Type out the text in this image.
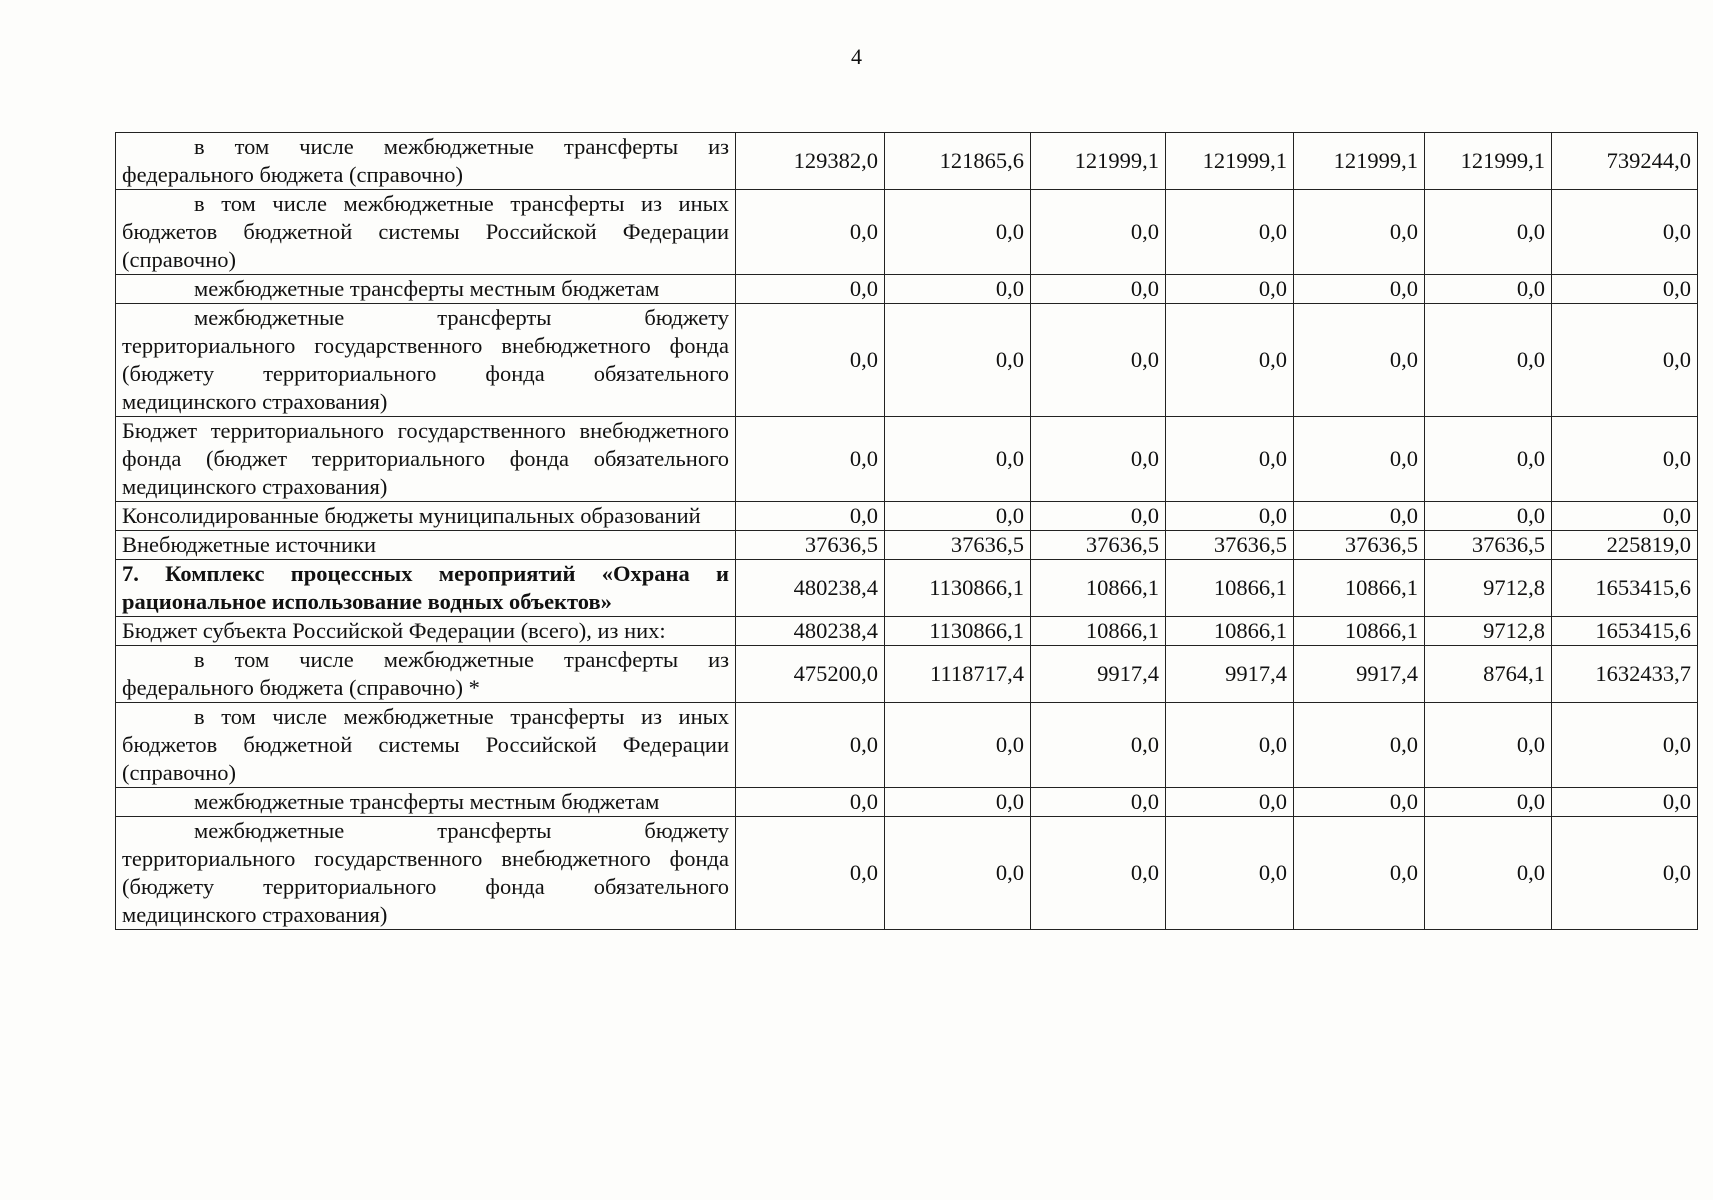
4
в том числе межбюджетные трансферты из федерального бюджета (справочно)	129382,0	121865,6	121999,1	121999,1	121999,1	121999,1	739244,0
в том числе межбюджетные трансферты из иных бюджетов бюджетной системы Российской Федерации (справочно)	0,0	0,0	0,0	0,0	0,0	0,0	0,0
межбюджетные трансферты местным бюджетам	0,0	0,0	0,0	0,0	0,0	0,0	0,0
межбюджетные трансферты бюджету территориального государственного внебюджетного фонда (бюджету территориального фонда обязательного медицинского страхования)	0,0	0,0	0,0	0,0	0,0	0,0	0,0
Бюджет территориального государственного внебюджетного фонда (бюджет территориального фонда обязательного медицинского страхования)	0,0	0,0	0,0	0,0	0,0	0,0	0,0
Консолидированные бюджеты муниципальных образований	0,0	0,0	0,0	0,0	0,0	0,0	0,0
Внебюджетные источники	37636,5	37636,5	37636,5	37636,5	37636,5	37636,5	225819,0
7. Комплекс процессных мероприятий «Охрана и рациональное использование водных объектов»	480238,4	1130866,1	10866,1	10866,1	10866,1	9712,8	1653415,6
Бюджет субъекта Российской Федерации (всего), из них:	480238,4	1130866,1	10866,1	10866,1	10866,1	9712,8	1653415,6
в том числе межбюджетные трансферты из федерального бюджета (справочно) *	475200,0	1118717,4	9917,4	9917,4	9917,4	8764,1	1632433,7
в том числе межбюджетные трансферты из иных бюджетов бюджетной системы Российской Федерации (справочно)	0,0	0,0	0,0	0,0	0,0	0,0	0,0
межбюджетные трансферты местным бюджетам	0,0	0,0	0,0	0,0	0,0	0,0	0,0
межбюджетные трансферты бюджету территориального государственного внебюджетного фонда (бюджету территориального фонда обязательного медицинского страхования)	0,0	0,0	0,0	0,0	0,0	0,0	0,0
